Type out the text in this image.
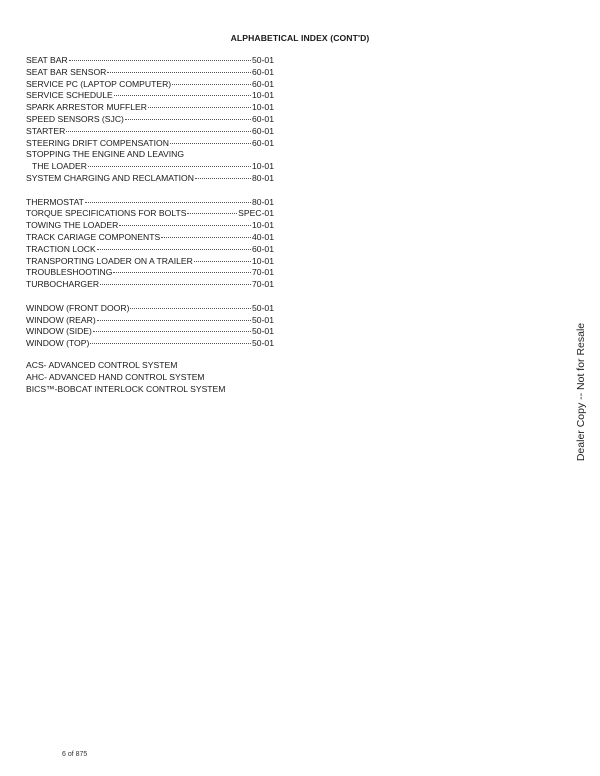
ALPHABETICAL INDEX (CONT'D)
SEAT BAR	50-01
SEAT BAR SENSOR	60-01
SERVICE PC (LAPTOP COMPUTER)	60-01
SERVICE SCHEDULE	10-01
SPARK ARRESTOR MUFFLER	10-01
SPEED SENSORS (SJC)	60-01
STARTER	60-01
STEERING DRIFT COMPENSATION	60-01
STOPPING THE ENGINE AND LEAVING
THE LOADER	10-01
SYSTEM CHARGING AND RECLAMATION	80-01
THERMOSTAT	80-01
TORQUE SPECIFICATIONS FOR BOLTS	SPEC-01
TOWING THE LOADER	10-01
TRACK CARIAGE COMPONENTS	40-01
TRACTION LOCK	60-01
TRANSPORTING LOADER ON A TRAILER	10-01
TROUBLESHOOTING	70-01
TURBOCHARGER	70-01
WINDOW (FRONT DOOR)	50-01
WINDOW (REAR)	50-01
WINDOW (SIDE)	50-01
WINDOW (TOP)	50-01
ACS- ADVANCED CONTROL SYSTEM
AHC- ADVANCED HAND CONTROL SYSTEM
BICS™-BOBCAT INTERLOCK CONTROL SYSTEM	Dealer Copy -- Not for Resale
6 of 875
